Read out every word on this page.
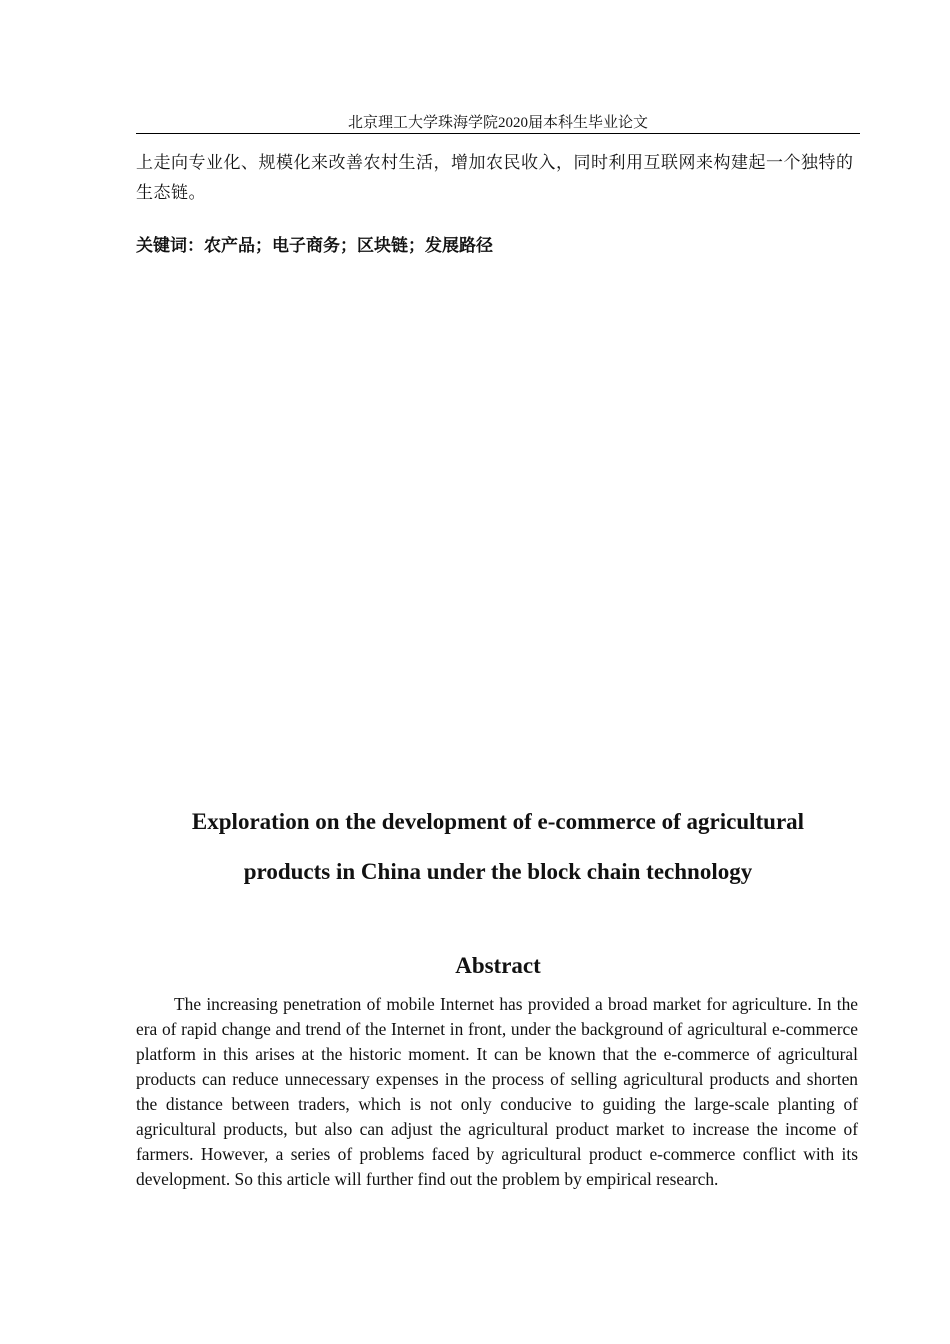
北京理工大学珠海学院2020届本科生毕业论文
上走向专业化、规模化来改善农村生活，增加农民收入，同时利用互联网来构建起一个独特的生态链。
关键词：农产品；电子商务；区块链；发展路径
Exploration on the development of e-commerce of agricultural
products in China under the block chain technology
Abstract

The increasing penetration of mobile Internet has provided a broad market for agriculture. In the era of rapid change and trend of the Internet in front, under the background of agricultural e-commerce platform in this arises at the historic moment. It can be known that the e-commerce of agricultural products can reduce unnecessary expenses in the process of selling agricultural products and shorten the distance between traders, which is not only conducive to guiding the large-scale planting of agricultural products, but also can adjust the agricultural product market to increase the income of farmers. However, a series of problems faced by agricultural product e-commerce conflict with its development. So this article will further find out the problem by empirical research.
